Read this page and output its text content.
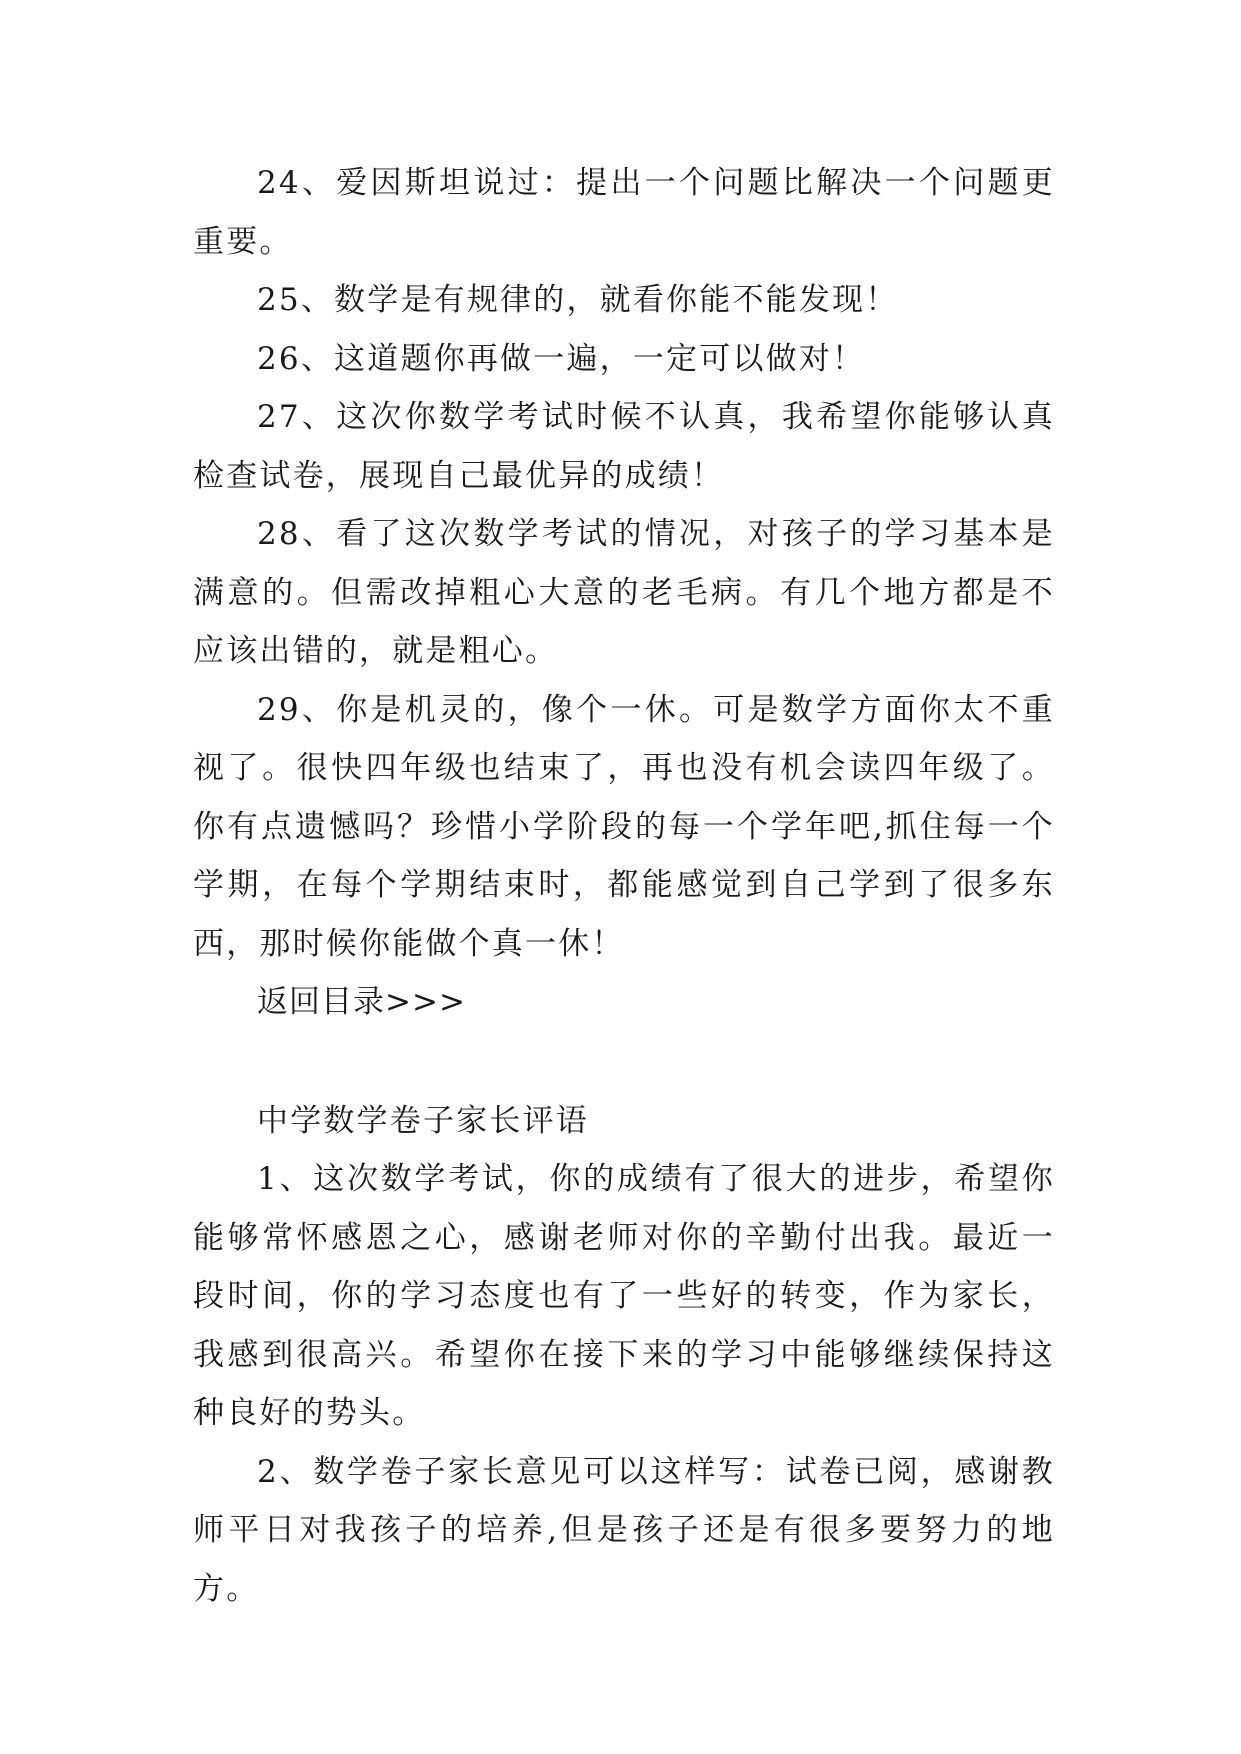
24、爱因斯坦说过：提出一个问题比解决一个问题更重要。

25、数学是有规律的，就看你能不能发现！

26、这道题你再做一遍，一定可以做对！

27、这次你数学考试时候不认真，我希望你能够认真检查试卷，展现自己最优异的成绩！

28、看了这次数学考试的情况，对孩子的学习基本是满意的。但需改掉粗心大意的老毛病。有几个地方都是不应该出错的，就是粗心。

29、你是机灵的，像个一休。可是数学方面你太不重视了。很快四年级也结束了，再也没有机会读四年级了。你有点遗憾吗？珍惜小学阶段的每一个学年吧,抓住每一个学期，在每个学期结束时，都能感觉到自己学到了很多东西，那时候你能做个真一休！

返回目录>>>

中学数学卷子家长评语

1、这次数学考试，你的成绩有了很大的进步，希望你能够常怀感恩之心，感谢老师对你的辛勤付出我。最近一段时间，你的学习态度也有了一些好的转变，作为家长，我感到很高兴。希望你在接下来的学习中能够继续保持这种良好的势头。

2、数学卷子家长意见可以这样写：试卷已阅，感谢教师平日对我孩子的培养,但是孩子还是有很多要努力的地方。
